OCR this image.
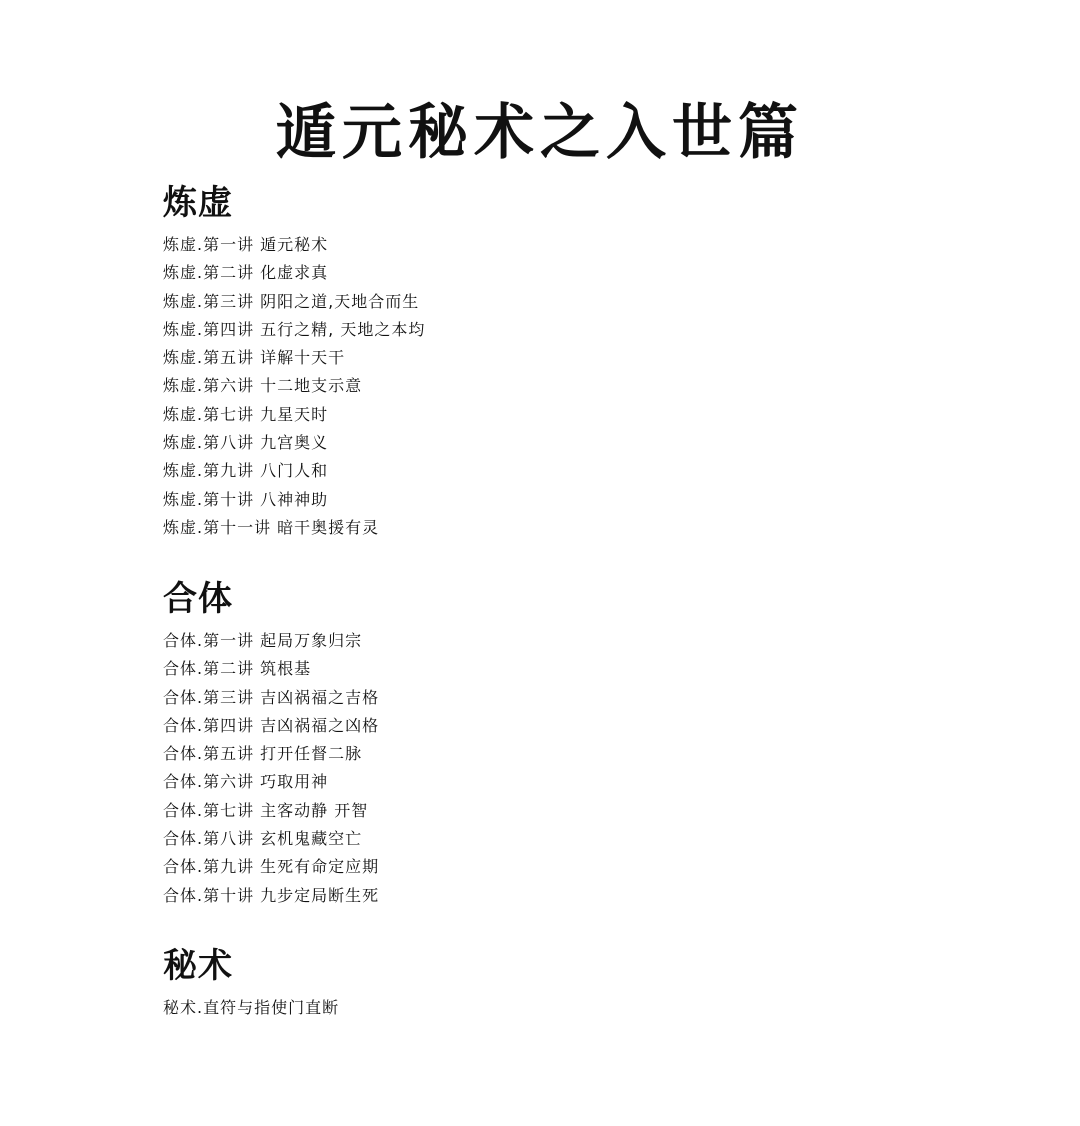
遁元秘术之入世篇
炼虚
炼虚.第一讲 遁元秘术
炼虚.第二讲 化虚求真
炼虚.第三讲 阴阳之道,天地合而生
炼虚.第四讲 五行之精, 天地之本均
炼虚.第五讲 详解十天干
炼虚.第六讲 十二地支示意
炼虚.第七讲 九星天时
炼虚.第八讲 九宫奥义
炼虚.第九讲 八门人和
炼虚.第十讲 八神神助
炼虚.第十一讲 暗干奥援有灵
合体
合体.第一讲 起局万象归宗
合体.第二讲 筑根基
合体.第三讲 吉凶祸福之吉格
合体.第四讲 吉凶祸福之凶格
合体.第五讲 打开任督二脉
合体.第六讲 巧取用神
合体.第七讲 主客动静 开智
合体.第八讲 玄机鬼藏空亡
合体.第九讲 生死有命定应期
合体.第十讲 九步定局断生死
秘术
秘术.直符与指使门直断
